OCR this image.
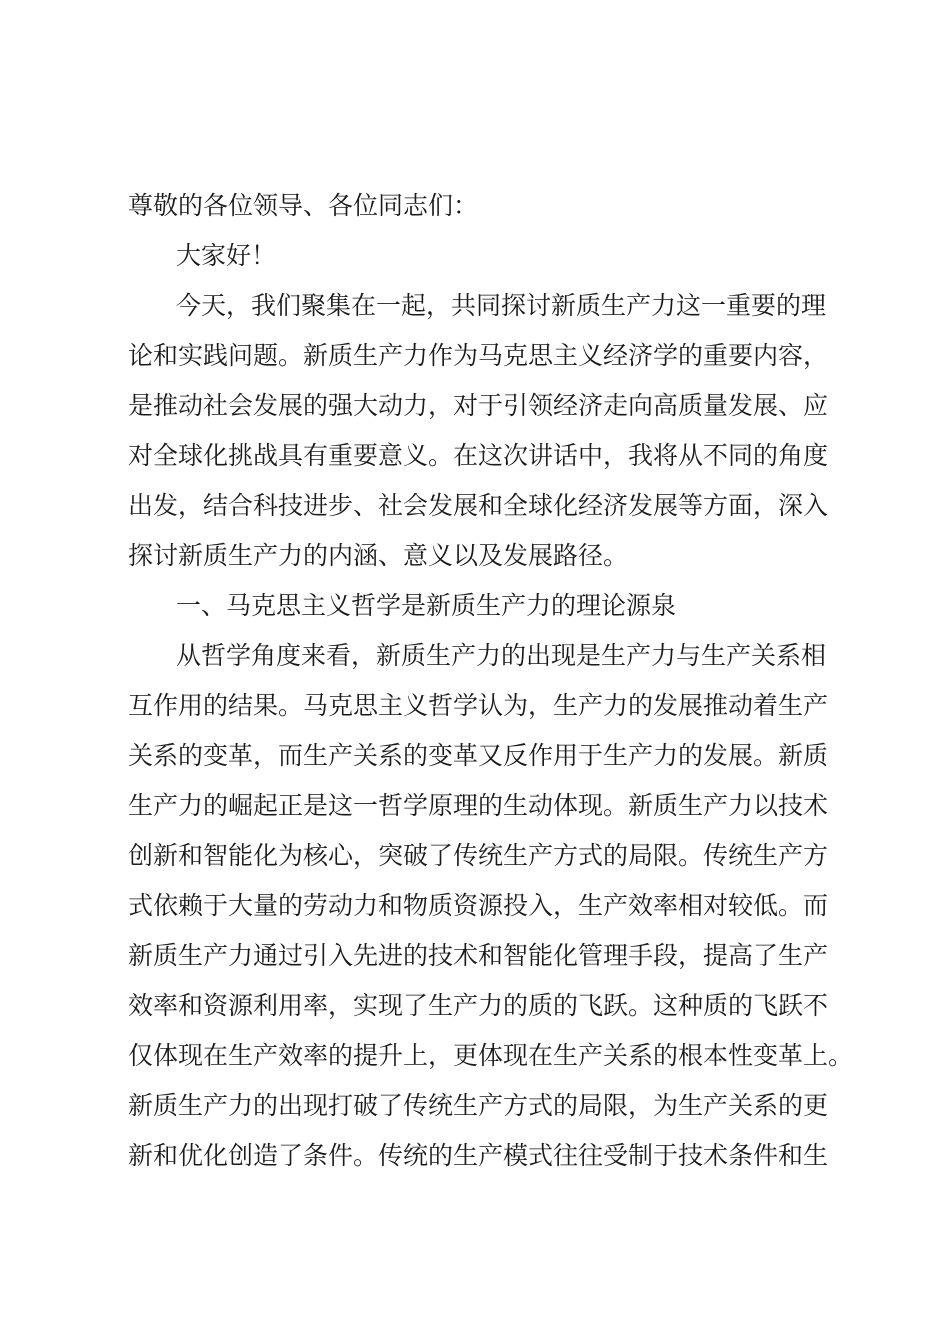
尊敬的各位领导、各位同志们：
大家好！
今天，我们聚集在一起，共同探讨新质生产力这一重要的理
论和实践问题。新质生产力作为马克思主义经济学的重要内容，
是推动社会发展的强大动力，对于引领经济走向高质量发展、应
对全球化挑战具有重要意义。在这次讲话中，我将从不同的角度
出发，结合科技进步、社会发展和全球化经济发展等方面，深入
探讨新质生产力的内涵、意义以及发展路径。
一、马克思主义哲学是新质生产力的理论源泉
从哲学角度来看，新质生产力的出现是生产力与生产关系相
互作用的结果。马克思主义哲学认为，生产力的发展推动着生产
关系的变革，而生产关系的变革又反作用于生产力的发展。新质
生产力的崛起正是这一哲学原理的生动体现。新质生产力以技术
创新和智能化为核心，突破了传统生产方式的局限。传统生产方
式依赖于大量的劳动力和物质资源投入，生产效率相对较低。而
新质生产力通过引入先进的技术和智能化管理手段，提高了生产
效率和资源利用率，实现了生产力的质的飞跃。这种质的飞跃不
仅体现在生产效率的提升上，更体现在生产关系的根本性变革上。
新质生产力的出现打破了传统生产方式的局限，为生产关系的更
新和优化创造了条件。传统的生产模式往往受制于技术条件和生
